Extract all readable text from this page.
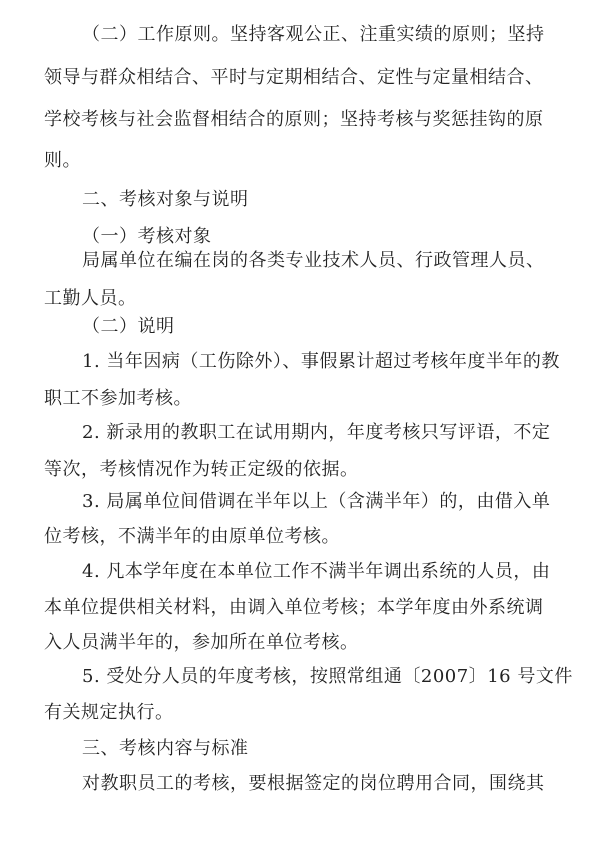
（二）工作原则。坚持客观公正、注重实绩的原则；坚持
领导与群众相结合、平时与定期相结合、定性与定量相结合、
学校考核与社会监督相结合的原则；坚持考核与奖惩挂钩的原
则。
二、考核对象与说明
（一）考核对象
局属单位在编在岗的各类专业技术人员、行政管理人员、
工勤人员。
（二）说明
1. 当年因病（工伤除外）、事假累计超过考核年度半年的教
职工不参加考核。
2. 新录用的教职工在试用期内，年度考核只写评语，不定
等次，考核情况作为转正定级的依据。
3. 局属单位间借调在半年以上（含满半年）的，由借入单
位考核，不满半年的由原单位考核。
4. 凡本学年度在本单位工作不满半年调出系统的人员，由
本单位提供相关材料，由调入单位考核；本学年度由外系统调
入人员满半年的，参加所在单位考核。
5. 受处分人员的年度考核，按照常组通〔2007〕16 号文件
有关规定执行。
三、考核内容与标准
对教职员工的考核，要根据签定的岗位聘用合同，围绕其
